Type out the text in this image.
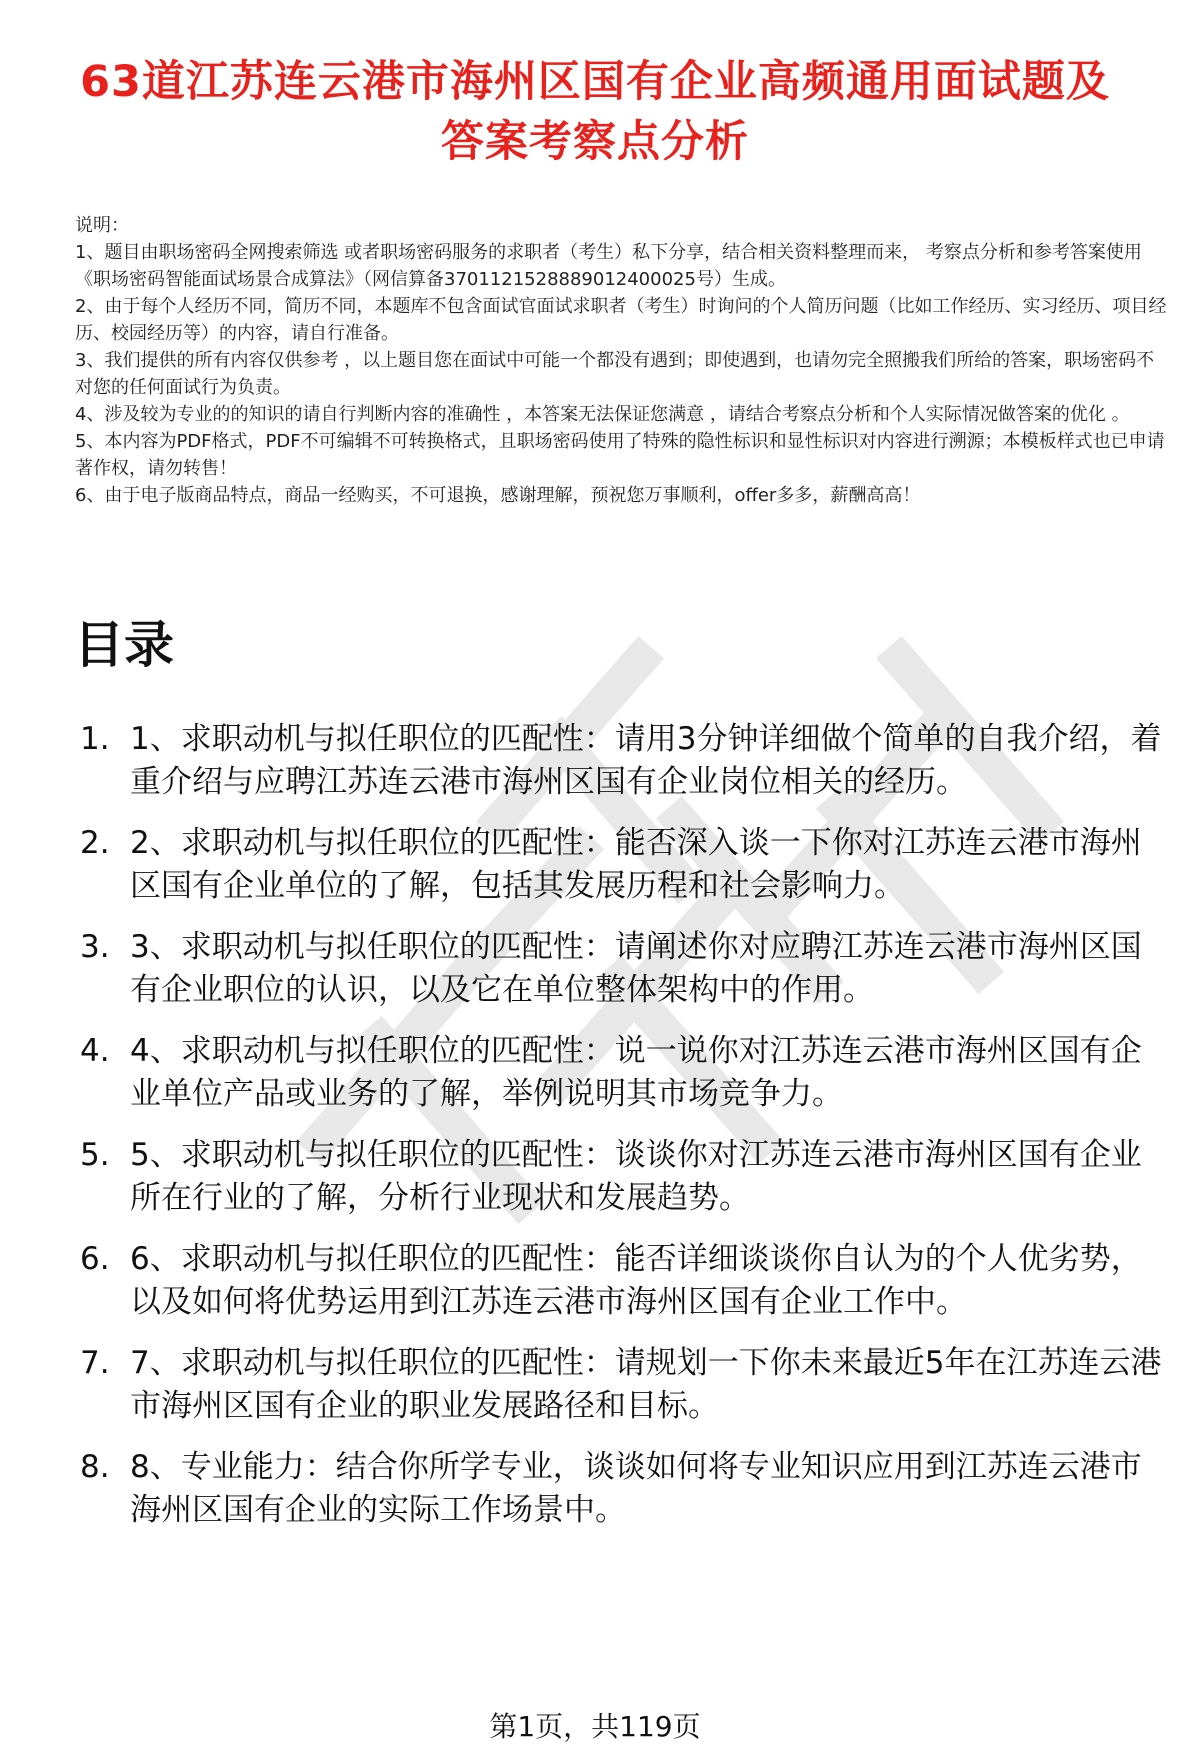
63道江苏连云港市海州区国有企业高频通用面试题及答案考察点分析

说明：

1、题目由职场密码全网搜索筛选 或者职场密码服务的求职者（考生）私下分享，结合相关资料整理而来， 考察点分析和参考答案使用《职场密码智能面试场景合成算法》（网信算备3701121528889012400025号）生成。

2、由于每个人经历不同，简历不同，本题库不包含面试官面试求职者（考生）时询问的个人简历问题（比如工作经历、实习经历、项目经历、校园经历等）的内容，请自行准备。

3、我们提供的所有内容仅供参考 ，以上题目您在面试中可能一个都没有遇到；即使遇到，也请勿完全照搬我们所给的答案，职场密码不对您的任何面试行为负责。

4、涉及较为专业的的知识的请自行判断内容的准确性 ，本答案无法保证您满意 ，请结合考察点分析和个人实际情况做答案的优化 。

5、本内容为PDF格式，PDF不可编辑不可转换格式，且职场密码使用了特殊的隐性标识和显性标识对内容进行溯源；本模板样式也已申请著作权，请勿转售！

6、由于电子版商品特点，商品一经购买，不可退换，感谢理解，预祝您万事顺利，offer多多，薪酬高高！

目录
1. 1、求职动机与拟任职位的匹配性：请用3分钟详细做个简单的自我介绍，着重介绍与应聘江苏连云港市海州区国有企业岗位相关的经历。
2. 2、求职动机与拟任职位的匹配性：能否深入谈一下你对江苏连云港市海州区国有企业单位的了解，包括其发展历程和社会影响力。
3. 3、求职动机与拟任职位的匹配性：请阐述你对应聘江苏连云港市海州区国有企业职位的认识，以及它在单位整体架构中的作用。
4. 4、求职动机与拟任职位的匹配性：说一说你对江苏连云港市海州区国有企业单位产品或业务的了解，举例说明其市场竞争力。
5. 5、求职动机与拟任职位的匹配性：谈谈你对江苏连云港市海州区国有企业所在行业的了解，分析行业现状和发展趋势。
6. 6、求职动机与拟任职位的匹配性：能否详细谈谈你自认为的个人优劣势，以及如何将优势运用到江苏连云港市海州区国有企业工作中。
7. 7、求职动机与拟任职位的匹配性：请规划一下你未来最近5年在江苏连云港市海州区国有企业的职业发展路径和目标。
8. 8、专业能力：结合你所学专业，谈谈如何将专业知识应用到江苏连云港市海州区国有企业的实际工作场景中。
第1页，共119页
